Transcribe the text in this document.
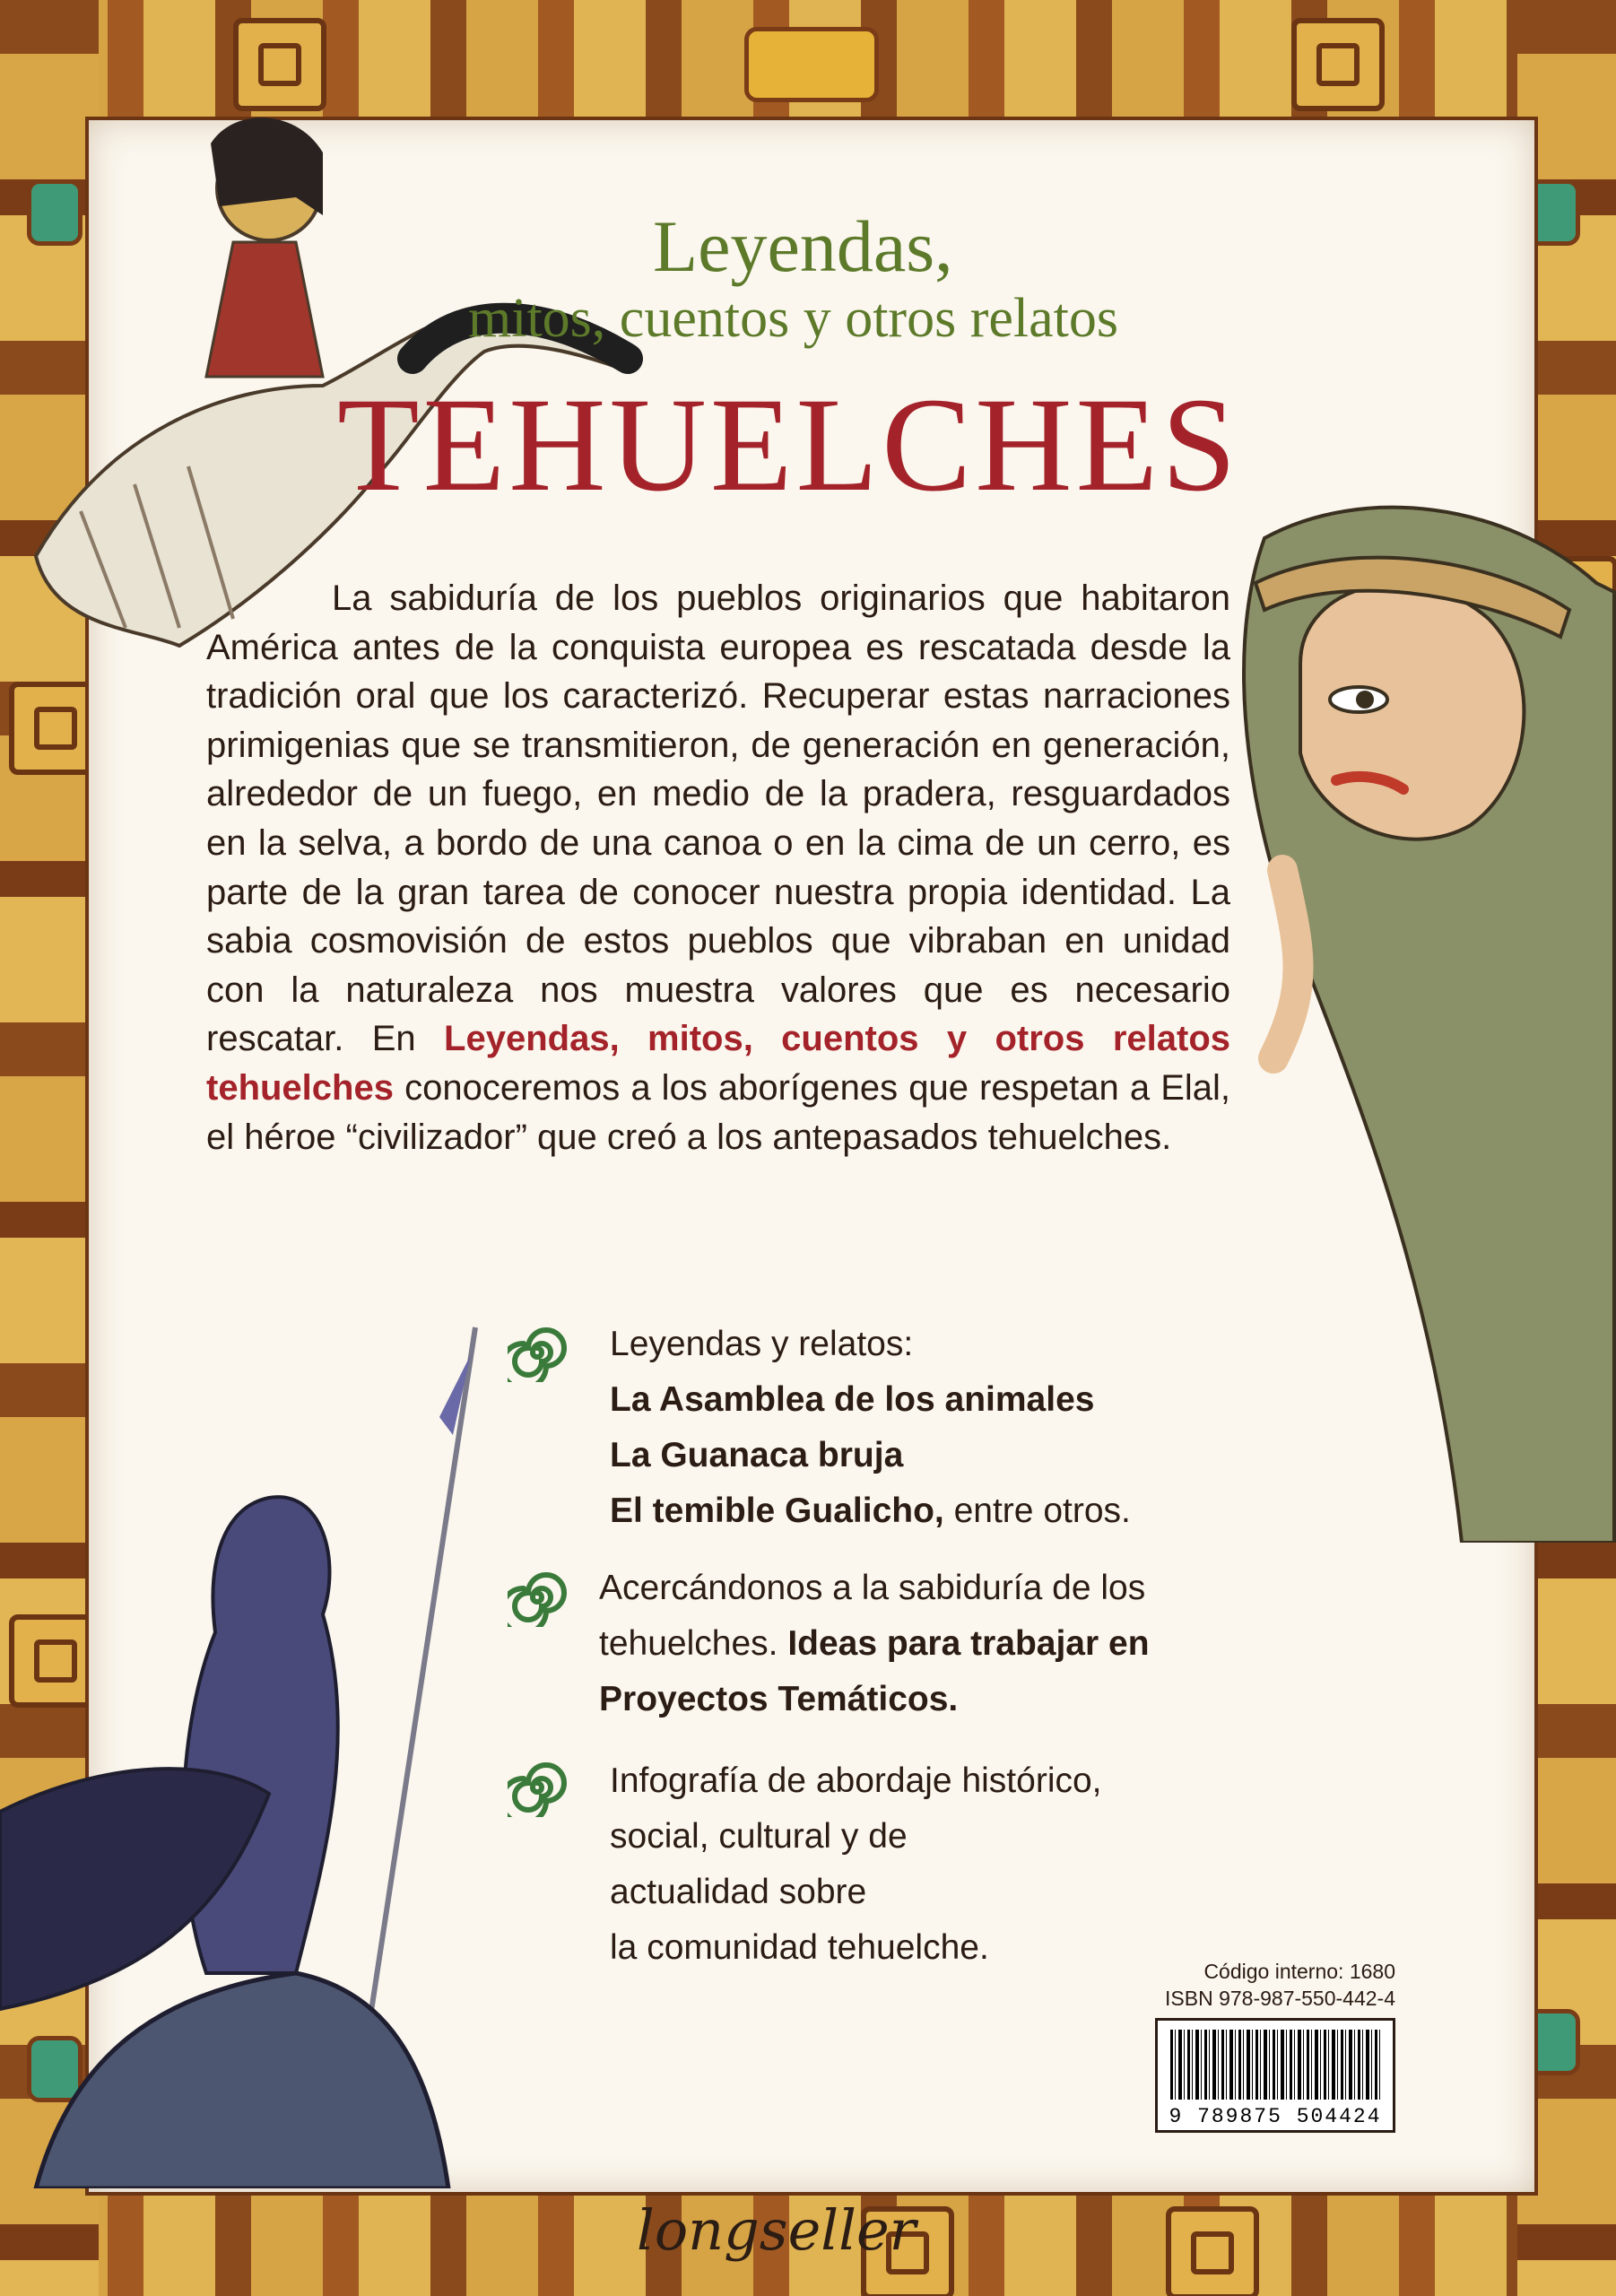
Leyendas,
mitos, cuentos y otros relatos
TEHUELCHES
La sabiduría de los pueblos originarios que habitaron América antes de la conquista europea es rescatada desde la tradición oral que los caracterizó. Recuperar estas narraciones primigenias que se transmitieron, de generación en generación, alrededor de un fuego, en medio de la pradera, resguardados en la selva, a bordo de una canoa o en la cima de un cerro, es parte de la gran tarea de conocer nuestra propia identidad. La sabia cosmovisión de estos pueblos que vibraban en unidad con la naturaleza nos muestra valores que es necesario rescatar. En Leyendas, mitos, cuentos y otros relatos tehuelches conoceremos a los aborígenes que respetan a Elal, el héroe “civilizador” que creó a los antepasados tehuelches.
Leyendas y relatos:
La Asamblea de los animales
La Guanaca bruja
El temible Gualicho, entre otros.
Acercándonos a la sabiduría de los
tehuelches. Ideas para trabajar en
Proyectos Temáticos.
Infografía de abordaje histórico,
social, cultural y de
actualidad sobre
la comunidad tehuelche.
Código interno: 1680
ISBN 978-987-550-442-4
9 789875 504424
longseller
